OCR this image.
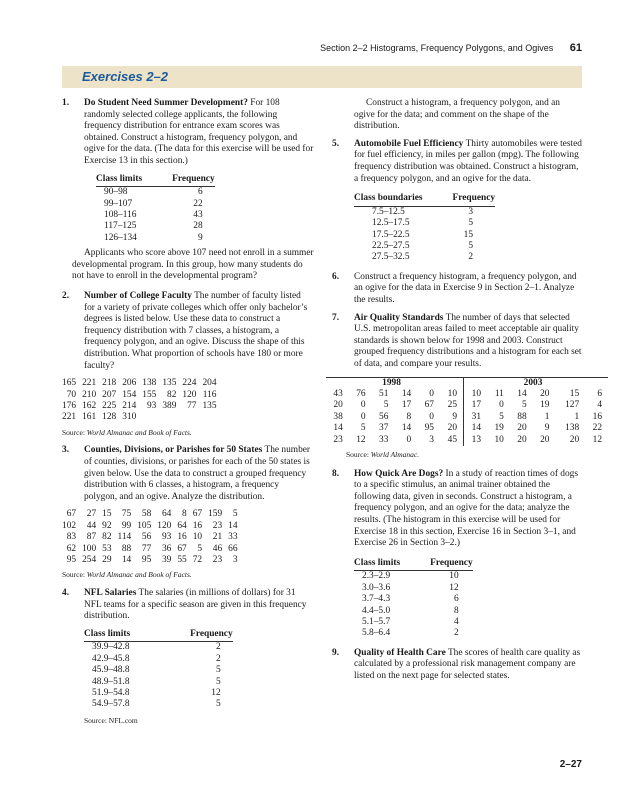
Section 2–2 Histograms, Frequency Polygons, and Ogives 61
Exercises 2–2
1. Do Student Need Summer Development? For 108 randomly selected college applicants, the following frequency distribution for entrance exam scores was obtained. Construct a histogram, frequency polygon, and ogive for the data. (The data for this exercise will be used for Exercise 13 in this section.)
Class limits	Frequency
90–98	6
99–107	22
108–116	43
117–125	28
126–134	9
Applicants who score above 107 need not enroll in a summer developmental program. In this group, how many students do not have to enroll in the developmental program?
2. Number of College Faculty The number of faculty listed for a variety of private colleges which offer only bachelor’s degrees is listed below. Use these data to construct a frequency distribution with 7 classes, a histogram, a frequency polygon, and an ogive. Discuss the shape of this distribution. What proportion of schools have 180 or more faculty?
165	221	218	206	138	135	224	204
70	210	207	154	155	82	120	116
176	162	225	214	93	389	77	135
221	161	128	310				
Source: World Almanac and Book of Facts.
3. Counties, Divisions, or Parishes for 50 States The number of counties, divisions, or parishes for each of the 50 states is given below. Use the data to construct a grouped frequency distribution with 6 classes, a histogram, a frequency polygon, and an ogive. Analyze the distribution.
67	27	15	75	58	64	8	67	159	5
102	44	92	99	105	120	64	16	23	14
83	87	82	114	56	93	16	10	21	33
62	100	53	88	77	36	67	5	46	66
95	254	29	14	95	39	55	72	23	3
Source: World Almanac and Book of Facts.
4. NFL Salaries The salaries (in millions of dollars) for 31 NFL teams for a specific season are given in this frequency distribution.
Class limits	Frequency
39.9–42.8	2
42.9–45.8	2
45.9–48.8	5
48.9–51.8	5
51.9–54.8	12
54.9–57.8	5
Source: NFL.com
Construct a histogram, a frequency polygon, and an ogive for the data; and comment on the shape of the distribution.
5. Automobile Fuel Efficiency Thirty automobiles were tested for fuel efficiency, in miles per gallon (mpg). The following frequency distribution was obtained. Construct a histogram, a frequency polygon, and an ogive for the data.
Class boundaries	Frequency
7.5–12.5	3
12.5–17.5	5
17.5–22.5	15
22.5–27.5	5
27.5–32.5	2
6. Construct a frequency histogram, a frequency polygon, and an ogive for the data in Exercise 9 in Section 2–1. Analyze the results.
7. Air Quality Standards The number of days that selected U.S. metropolitan areas failed to meet acceptable air quality standards is shown below for 1998 and 2003. Construct grouped frequency distributions and a histogram for each set of data, and compare your results.
1998						2003					
43	76	51	14	0	10	10	11	14	20	15	6
20	0	5	17	67	25	17	0	5	19	127	4
38	0	56	8	0	9	31	5	88	1	1	16
14	5	37	14	95	20	14	19	20	9	138	22
23	12	33	0	3	45	13	10	20	20	20	12
Source: World Almanac.
8. How Quick Are Dogs? In a study of reaction times of dogs to a specific stimulus, an animal trainer obtained the following data, given in seconds. Construct a histogram, a frequency polygon, and an ogive for the data; analyze the results. (The histogram in this exercise will be used for Exercise 18 in this section, Exercise 16 in Section 3–1, and Exercise 26 in Section 3–2.)
Class limits	Frequency
2.3–2.9	10
3.0–3.6	12
3.7–4.3	6
4.4–5.0	8
5.1–5.7	4
5.8–6.4	2
9. Quality of Health Care The scores of health care quality as calculated by a professional risk management company are listed on the next page for selected states.
2–27
